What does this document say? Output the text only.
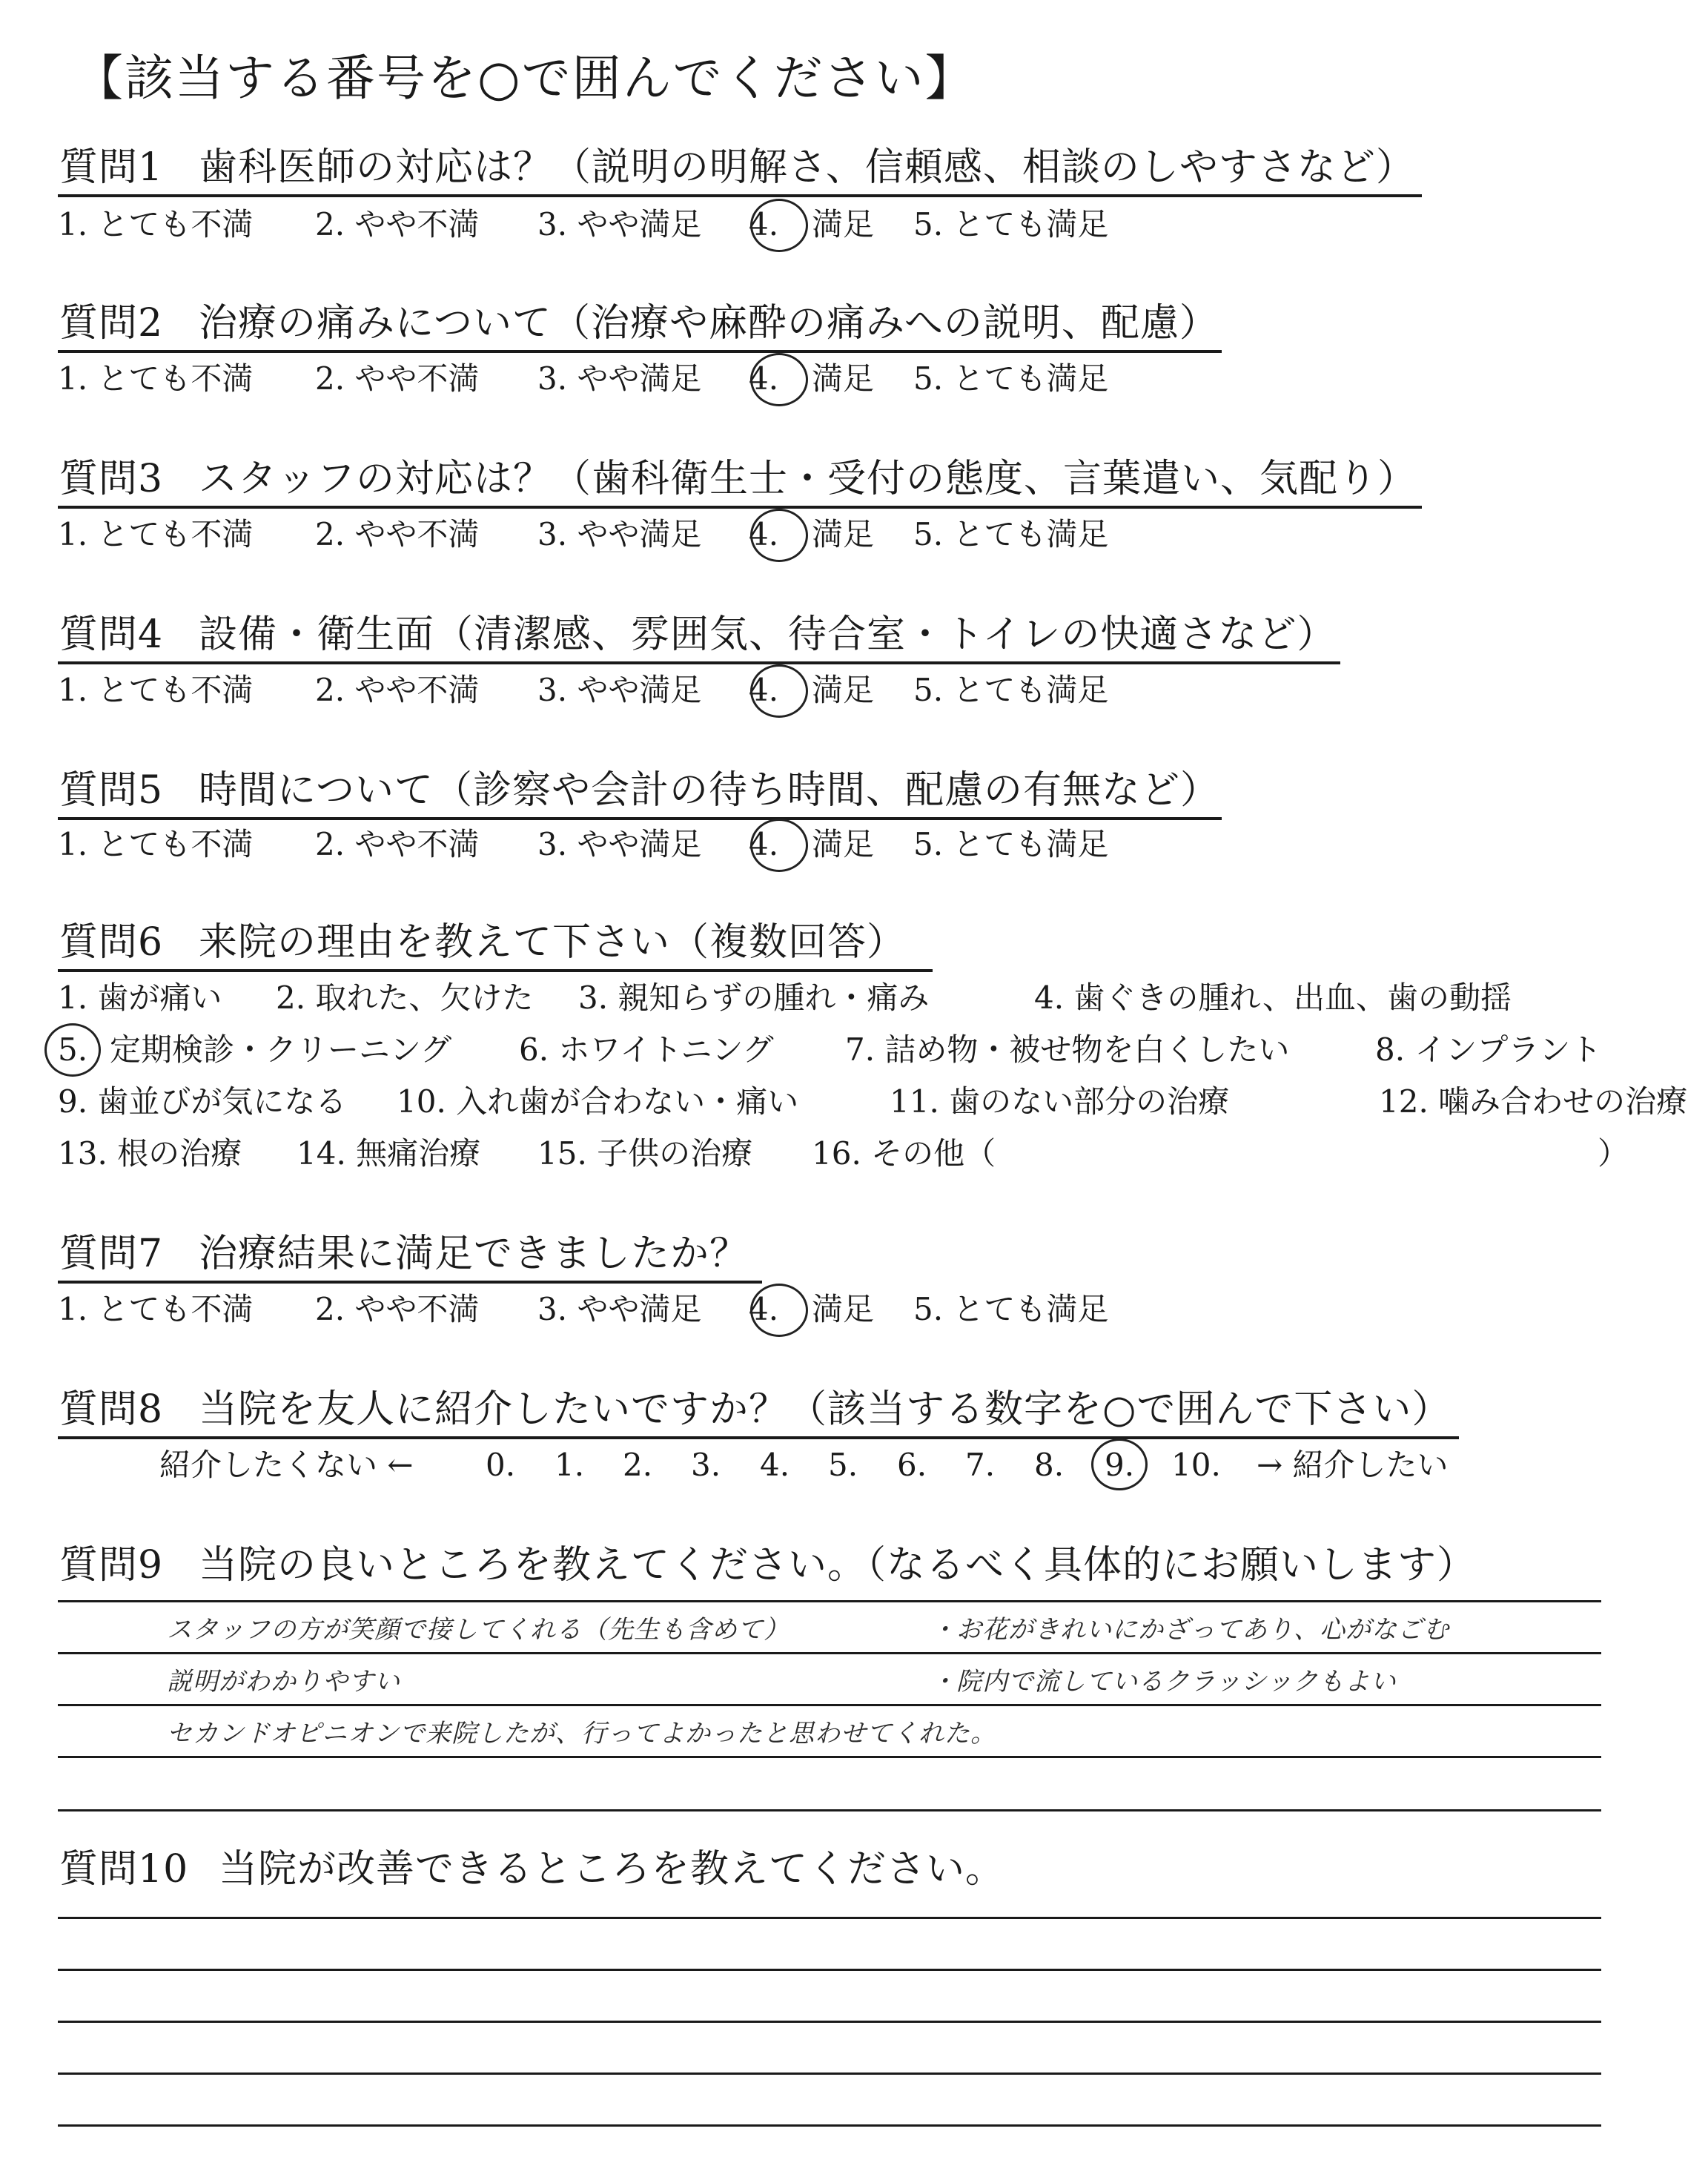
【該当する番号を○で囲んでください】
質問1 歯科医師の対応は？（説明の明解さ、信頼感、相談のしやすさなど）
質問2 治療の痛みについて（治療や麻酔の痛みへの説明、配慮）
質問3 スタッフの対応は？（歯科衛生士・受付の態度、言葉遣い、気配り）
質問4 設備・衛生面（清潔感、雰囲気、待合室・トイレの快適さなど）
質問5 時間について（診察や会計の待ち時間、配慮の有無など）
質問6 来院の理由を教えて下さい（複数回答）
質問7 治療結果に満足できましたか？
質問8 当院を友人に紹介したいですか？（該当する数字を○で囲んで下さい）
質問9 当院の良いところを教えてください。（なるべく具体的にお願いします）
質問10 当院が改善できるところを教えてください。
1. とても不満 2. やや不満 3. やや満足 4. 満足 5. とても満足
1. とても不満 2. やや不満 3. やや満足 4. 満足 5. とても満足
1. とても不満 2. やや不満 3. やや満足 4. 満足 5. とても満足
1. とても不満 2. やや不満 3. やや満足 4. 満足 5. とても満足
1. とても不満 2. やや不満 3. やや満足 4. 満足 5. とても満足
1. とても不満 2. やや不満 3. やや満足 4. 満足 5. とても満足
1. 歯が痛い 2. 取れた、欠けた 3. 親知らずの腫れ・痛み	4. 歯ぐきの腫れ、出血、歯の動揺
5. 定期検診・クリーニング 6. ホワイトニング 7. 詰め物・被せ物を白くしたい	8. インプラント
9. 歯並びが気になる 10. 入れ歯が合わない・痛い	11. 歯のない部分の治療	12. 噛み合わせの治療
13. 根の治療 14. 無痛治療 15. 子供の治療 16. その他（	）
紹介したくない ← 0. 1. 2. 3. 4. 5. 6. 7. 8. 9. 10. → 紹介したい
スタッフの方が笑顔で接してくれる（先生も含めて）	・お花がきれいにかざってあり、心がなごむ
説明がわかりやすい	・院内で流しているクラッシックもよい
セカンドオピニオンで来院したが、行ってよかったと思わせてくれた。
